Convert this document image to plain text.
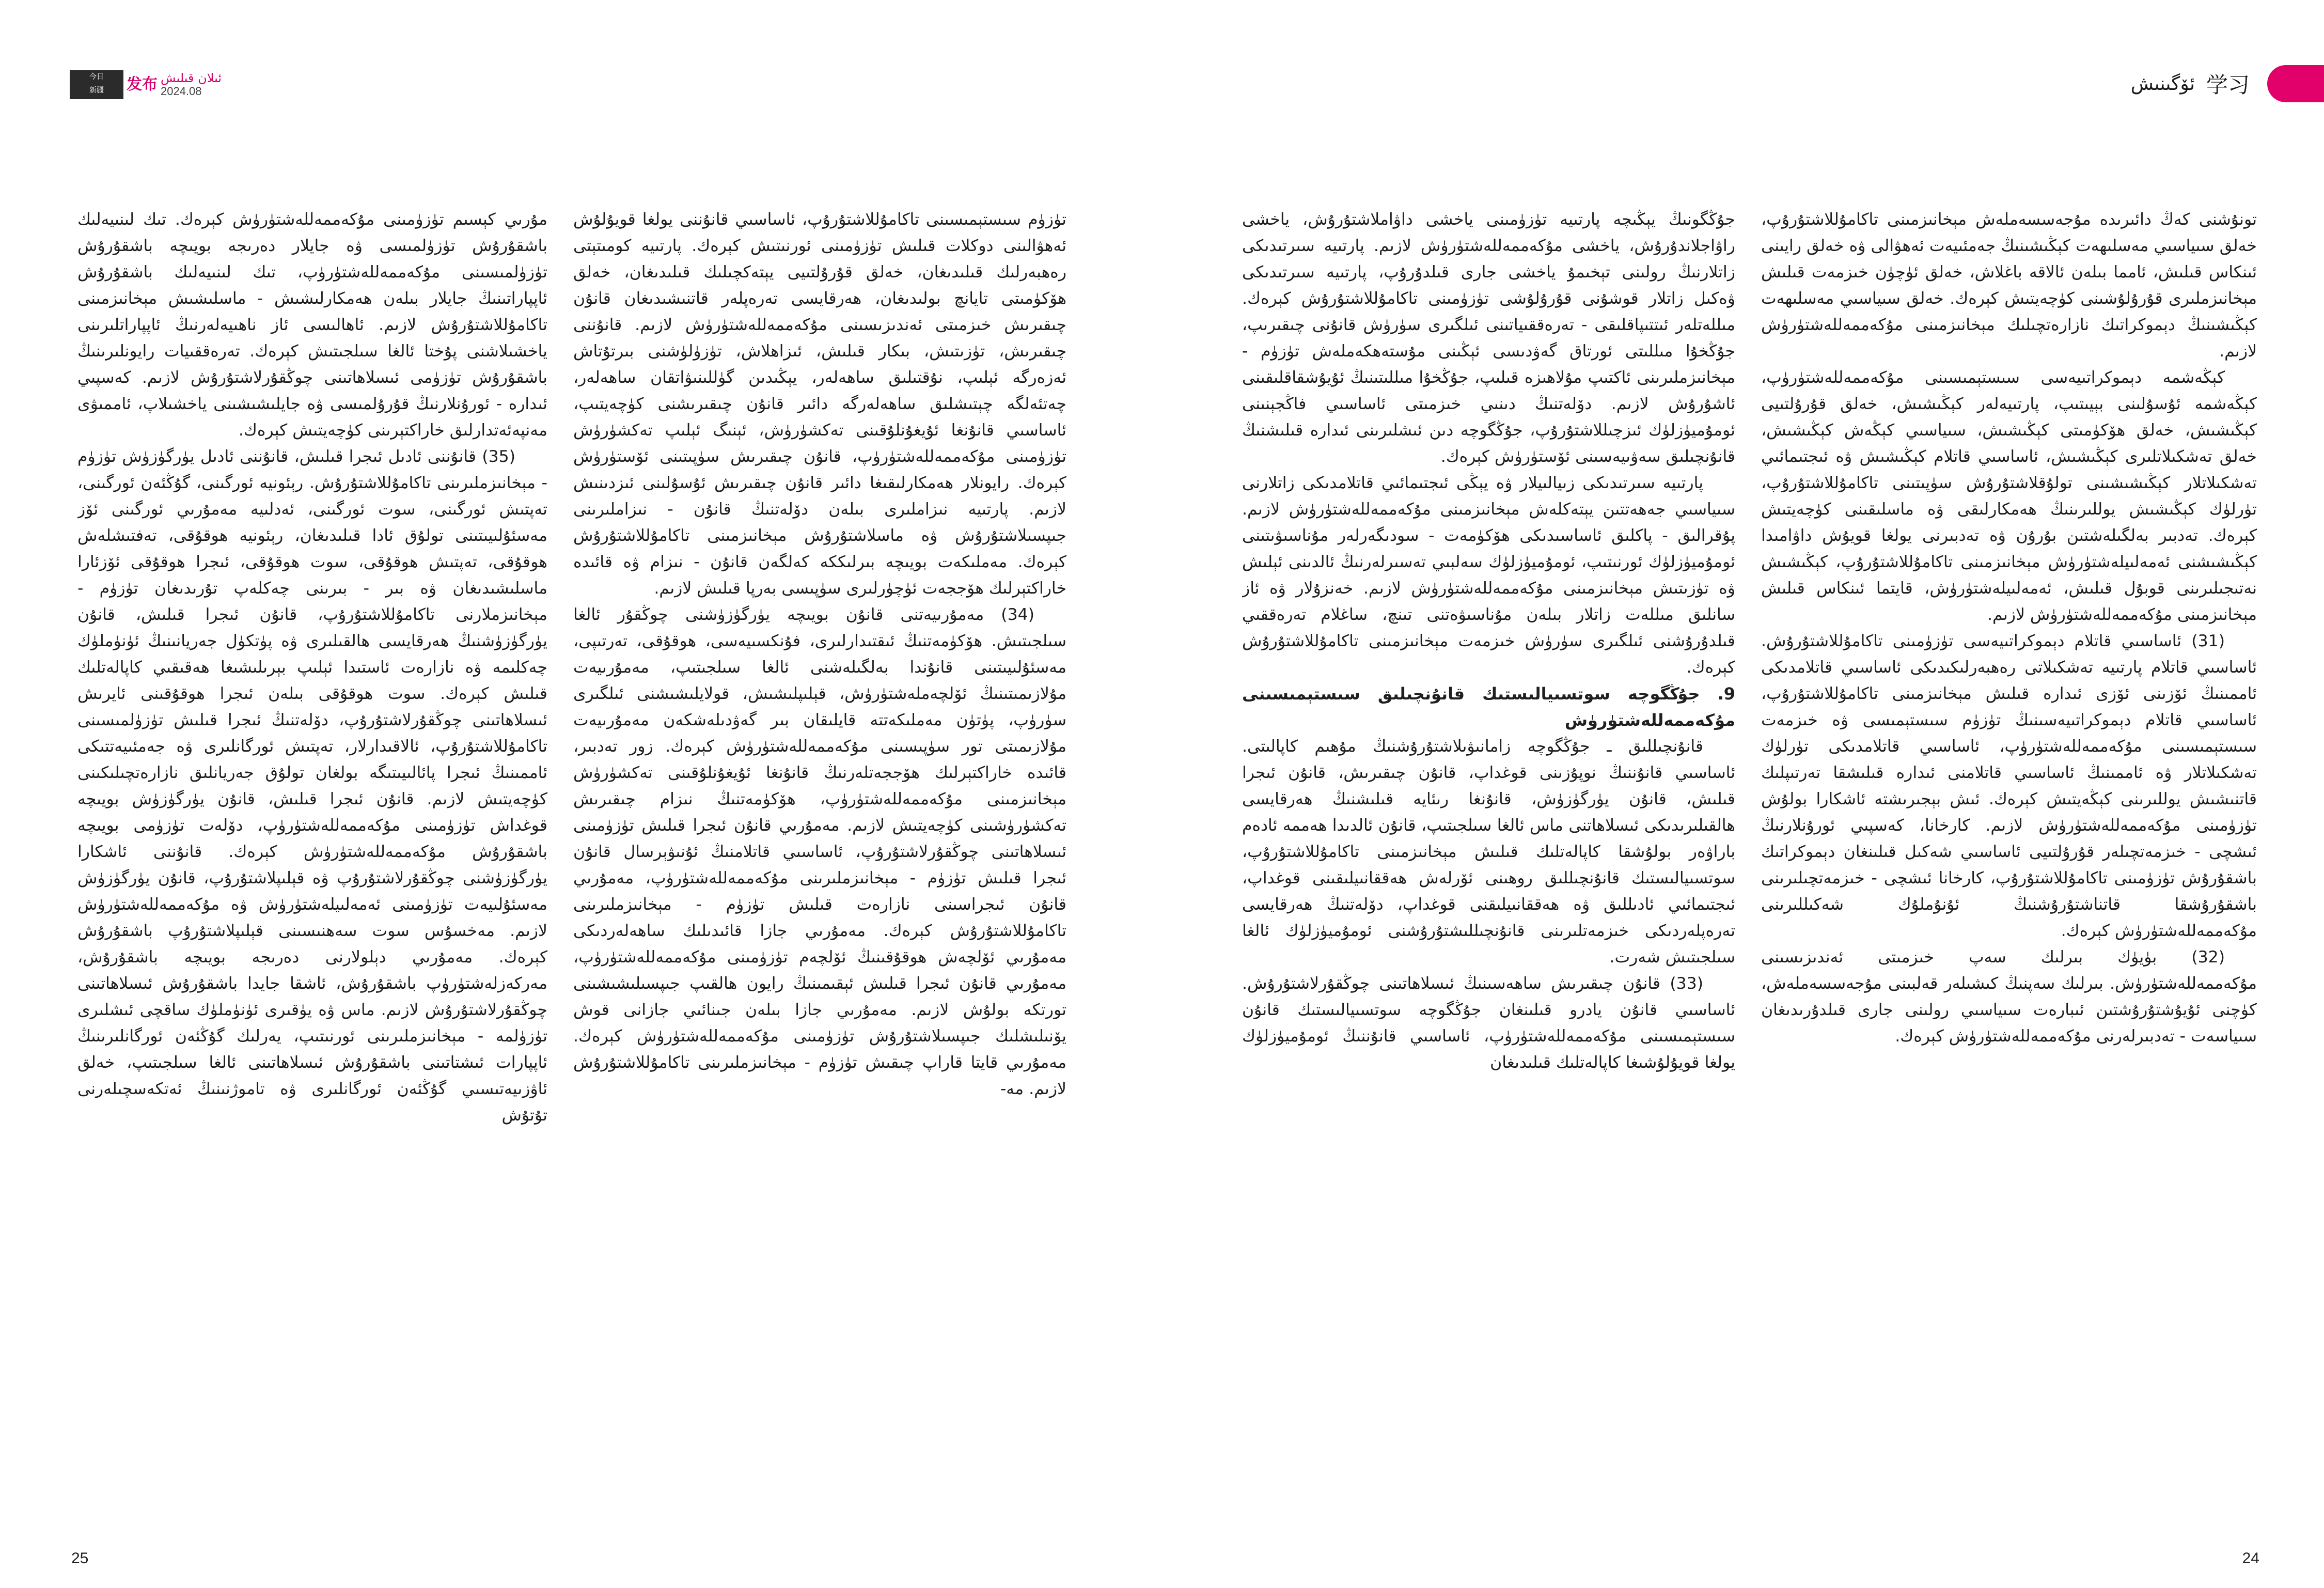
今日
新疆	发布 ئىلان قىلىش
2024.08	ئۆگىنىش 学习

تونۇشنى كەڭ دائىرىدە مۇجەسسەملەش مېخانىزمىنى تاكامۇللاشتۇرۇپ، خەلق سىياسىي مەسلىھەت كېڭىشىنىڭ جەمئىيەت ئەھۋالى ۋە خەلق رايىنى ئىنكاس قىلىش، ئامما بىلەن ئالاقە باغلاش، خەلق ئۈچۈن خىزمەت قىلىش مېخانىزملىرى قۇرۇلۇشىنى كۈچەيتىش كېرەك. خەلق سىياسىي مەسلىھەت كېڭىشىنىڭ دېموكراتىك نازارەتچىلىك مېخانىزمىنى مۇكەممەللەشتۈرۈش لازىم.

كېڭەشمە دېموكراتىيەسى سىستېمىسىنى مۇكەممەللەشتۈرۈپ، كېڭەشمە ئۇسۇلىنى بېيىتىپ، پارتىيەلەر كېڭىشىش، خەلق قۇرۇلتىيى كېڭىشىش، خەلق ھۆكۈمىتى كېڭىشىش، سىياسىي كېڭەش كېڭىشىش، خەلق تەشكىلاتلىرى كېڭىشىش، ئاساسىي قاتلام كېڭىشىش ۋە ئىجتىمائىي تەشكىلاتلار كېڭىشىشىنى تولۇقلاشتۇرۇش سۈپىتىنى تاكامۇللاشتۇرۇپ، تۈرلۈك كېڭىشىش يوللىرىنىڭ ھەمكارلىقى ۋە ماسلىقىنى كۈچەيتىش كېرەك. تەدبىر بەلگىلەشتىن بۇرۇن ۋە تەدبىرنى يولغا قويۇش داۋامىدا كېڭىشىشنى ئەمەلىيلەشتۈرۈش مېخانىزمىنى تاكامۇللاشتۇرۇپ، كېڭىشىش نەتىجىلىرىنى قوبۇل قىلىش، ئەمەلىيلەشتۈرۈش، قايتما ئىنكاس قىلىش مېخانىزمىنى مۇكەممەللەشتۈرۈش لازىم.

(31) ئاساسىي قاتلام دېموكراتىيەسى تۈزۈمىنى تاكامۇللاشتۇرۇش. ئاساسىي قاتلام پارتىيە تەشكىلاتى رەھبەرلىكىدىكى ئاساسىي قاتلامدىكى ئاممىنىڭ ئۆزىنى ئۆزى ئىدارە قىلىش مېخانىزمىنى تاكامۇللاشتۇرۇپ، ئاساسىي قاتلام دېموكراتىيەسىنىڭ تۈزۈم سىستېمىسى ۋە خىزمەت سىستېمىسىنى مۇكەممەللەشتۈرۈپ، ئاساسىي قاتلامدىكى تۈرلۈك تەشكىلاتلار ۋە ئاممىنىڭ ئاساسىي قاتلامنى ئىدارە قىلىشقا تەرتىپلىك قاتنىشىش يوللىرىنى كېڭەيتىش كېرەك. ئىش بېجىرىشتە ئاشكارا بولۇش تۈزۈمىنى مۇكەممەللەشتۈرۈش لازىم. كارخانا، كەسپىي ئورۇنلارنىڭ ئىشچى - خىزمەتچىلەر قۇرۇلتىيى ئاساسىي شەكىل قىلىنغان دېموكراتىك باشقۇرۇش تۈزۈمىنى تاكامۇللاشتۇرۇپ، كارخانا ئىشچى - خىزمەتچىلىرىنى باشقۇرۇشقا قاتناشتۇرۇشنىڭ ئۇنۇملۇك شەكىللىرىنى مۇكەممەللەشتۈرۈش كېرەك.

(32) بۈيۈك بىرلىك سەپ خىزمىتى ئەندىزىسىنى مۇكەممەللەشتۈرۈش. بىرلىك سەپنىڭ كىشىلەر قەلبىنى مۇجەسسەملەش، كۈچنى ئۇيۇشتۇرۇشتىن ئىبارەت سىياسىي رولىنى جارى قىلدۇرىدىغان سىياسەت - تەدبىرلەرنى مۇكەممەللەشتۈرۈش كېرەك.

جۇڭگونىڭ يېڭىچە پارتىيە تۈزۈمىنى ياخشى داۋاملاشتۇرۇش، ياخشى راۋاجلاندۇرۇش، ياخشى مۇكەممەللەشتۈرۈش لازىم. پارتىيە سىرتىدىكى زاتلارنىڭ رولىنى تېخىمۇ ياخشى جارى قىلدۇرۇپ، پارتىيە سىرتىدىكى ۋەكىل زاتلار قوشۇنى قۇرۇلۇشى تۈزۈمىنى تاكامۇللاشتۇرۇش كېرەك. مىللەتلەر ئىتتىپاقلىقى - تەرەققىياتىنى ئىلگىرى سۈرۈش قانۇنى چىقىرىپ، جۇڭخۇا مىللىتى ئورتاق گەۋدىسى ئېڭىنى مۇستەھكەملەش تۈزۈم - مېخانىزملىرىنى ئاكتىپ مۇلاھىزە قىلىپ، جۇڭخۇا مىللىتىنىڭ ئۇيۇشقاقلىقىنى ئاشۇرۇش لازىم. دۆلەتنىڭ دىنىي خىزمىتى ئاساسىي فاڭجېنىنى ئومۇميۈزلۈك ئىزچىللاشتۇرۇپ، جۇڭگوچە دىن ئىشلىرىنى ئىدارە قىلىشنىڭ قانۇنچىلىق سەۋىيەسىنى ئۆستۈرۈش كېرەك.

پارتىيە سىرتىدىكى زىيالىيلار ۋە يېڭى ئىجتىمائىي قاتلامدىكى زاتلارنى سىياسىي جەھەتتىن يېتەكلەش مېخانىزمىنى مۇكەممەللەشتۈرۈش لازىم. پۇقرالىق - پاكلىق ئاساسىدىكى ھۆكۈمەت - سودىگەرلەر مۇناسىۋىتىنى ئومۇميۈزلۈك ئورنىتىپ، ئومۇميۈزلۈك سەلبىي تەسىرلەرنىڭ ئالدىنى ئېلىش ۋە تۈزىتىش مېخانىزمىنى مۇكەممەللەشتۈرۈش لازىم. خەنزۇلار ۋە ئاز سانلىق مىللەت زاتلار بىلەن مۇناسىۋەتنى تىنچ، ساغلام تەرەققىي قىلدۇرۇشنى ئىلگىرى سۈرۈش خىزمەت مېخانىزمىنى تاكامۇللاشتۇرۇش كېرەك.

9. جۇڭگوچە سوتسىيالىستىك قانۇنچىلىق سىستېمىسىنى مۇكەممەللەشتۈرۈش

قانۇنچىللىق ـ جۇڭگوچە زامانىۋىلاشتۇرۇشنىڭ مۇھىم كاپالىتى. ئاساسىي قانۇننىڭ نوپۇزىنى قوغداپ، قانۇن چىقىرىش، قانۇن ئىجرا قىلىش، قانۇن يۈرگۈزۈش، قانۇنغا رىئايە قىلىشنىڭ ھەرقايسى ھالقىلىرىدىكى ئىسلاھاتنى ماس ئالغا سىلجىتىپ، قانۇن ئالدىدا ھەممە ئادەم باراۋەر بولۇشقا كاپالەتلىك قىلىش مېخانىزمىنى تاكامۇللاشتۇرۇپ، سوتسىيالىستىك قانۇنچىللىق روھىنى ئۆرلەش ھەققانىيلىقىنى قوغداپ، ئىجتىمائىي ئادىللىق ۋە ھەققانىيلىقنى قوغداپ، دۆلەتنىڭ ھەرقايسى تەرەپلەردىكى خىزمەتلىرىنى قانۇنچىللىشتۇرۇشنى ئومۇميۈزلۈك ئالغا سىلجىتىش شەرت.

(33) قانۇن چىقىرىش ساھەسىنىڭ ئىسلاھاتىنى چوڭقۇرلاشتۇرۇش. ئاساسىي قانۇن يادرو قىلىنغان جۇڭگوچە سوتسىيالىستىك قانۇن سىستېمىسىنى مۇكەممەللەشتۈرۈپ، ئاساسىي قانۇننىڭ ئومۇميۈزلۈك يولغا قويۇلۇشىغا كاپالەتلىك قىلىدىغان

تۈزۈم سىستېمىسىنى تاكامۇللاشتۇرۇپ، ئاساسىي قانۇننى يولغا قويۇلۇش ئەھۋالىنى دوكلات قىلىش تۈزۈمىنى ئورنىتىش كېرەك. پارتىيە كومىتېتى رەھبەرلىك قىلىدىغان، خەلق قۇرۇلتىيى يېتەكچىلىك قىلىدىغان، خەلق ھۆكۈمىتى تايانچ بولىدىغان، ھەرقايسى تەرەپلەر قاتنىشىدىغان قانۇن چىقىرىش خىزمىتى ئەندىزىسىنى مۇكەممەللەشتۈرۈش لازىم. قانۇننى چىقىرىش، تۈزىتىش، بىكار قىلىش، ئىزاھلاش، تۈزۈلۈشنى بىرتۇتاش ئەزەرگە ئېلىپ، نۇقتىلىق ساھەلەر، يېڭىدىن گۈللىنىۋاتقان ساھەلەر، چەتئەلگە چېتىشلىق ساھەلەرگە دائىر قانۇن چىقىرىشنى كۈچەيتىپ، ئاساسىي قانۇنغا ئۇيغۇنلۇقىنى تەكشۈرۈش، ئېنىگ ئېلىپ تەكشۈرۈش تۈزۈمىنى مۇكەممەللەشتۈرۈپ، قانۇن چىقىرىش سۈپىتىنى ئۆستۈرۈش كېرەك. رايونلار ھەمكارلىقىغا دائىر قانۇن چىقىرىش ئۇسۇلىنى ئىزدىنىش لازىم. پارتىيە نىزاملىرى بىلەن دۆلەتنىڭ قانۇن - نىزاملىرىنى جىپسىلاشتۇرۇش ۋە ماسلاشتۇرۇش مېخانىزمىنى تاكامۇللاشتۇرۇش كېرەك. مەملىكەت بويىچە بىرلىككە كەلگەن قانۇن - نىزام ۋە قائىدە خاراكتېرلىك ھۆججەت ئۈچۈرلىرى سۈپىسى بەرپا قىلىش لازىم.

(34) مەمۇرىيەتنى قانۇن بويىچە يۈرگۈزۈشنى چوڭقۇر ئالغا سىلجىتىش. ھۆكۈمەتنىڭ ئىقتىدارلىرى، فۇنكسىيەسى، ھوقۇقى، تەرتىپى، مەسئۇلىيىتىنى قانۇندا بەلگىلەشنى ئالغا سىلجىتىپ، مەمۇرىيەت مۇلازىمىتىنىڭ ئۆلچەملەشتۈرۈش، قېلىپلىشىش، قولايلىشىشنى ئىلگىرى سۈرۈپ، پۈتۈن مەملىكەتتە قايلىقان بىر گەۋدىلەشكەن مەمۇرىيەت مۇلازىمىتى تور سۈپىسىنى مۇكەممەللەشتۈرۈش كېرەك. زور تەدبىر، قائىدە خاراكتېرلىك ھۆججەتلەرنىڭ قانۇنغا ئۇيغۇنلۇقىنى تەكشۈرۈش مېخانىزمىنى مۇكەممەللەشتۈرۈپ، ھۆكۈمەتنىڭ نىزام چىقىرىش تەكشۈرۈشىنى كۈچەيتىش لازىم. مەمۇرىي قانۇن ئىجرا قىلىش تۈزۈمىنى ئىسلاھاتىنى چوڭقۇرلاشتۇرۇپ، ئاساسىي قاتلامنىڭ ئۇنىۋېرسال قانۇن ئىجرا قىلىش تۈزۈم - مېخانىزملىرىنى مۇكەممەللەشتۈرۈپ، مەمۇرىي قانۇن ئىجراسىنى نازارەت قىلىش تۈزۈم - مېخانىزملىرىنى تاكامۇللاشتۇرۇش كېرەك. مەمۇرىي جازا قائىدىلىك ساھەلەردىكى مەمۇرىي ئۆلچەش ھوقۇقىنىڭ ئۆلچەم تۈزۈمىنى مۇكەممەللەشتۈرۈپ، مەمۇرىي قانۇن ئىجرا قىلىش ئېقىمىنىڭ رايون ھالقىپ جىپسىلىشىشىنى تورتكە بولۇش لازىم. مەمۇرىي جازا بىلەن جىنائىي جازانى قوش يۆنىلىشلىك جىپسىلاشتۇرۇش تۈزۈمىنى مۇكەممەللەشتۈرۈش كېرەك. مەمۇرىي قايتا قاراپ چىقىش تۈزۈم - مېخانىزملىرىنى تاكامۇللاشتۇرۇش لازىم. مە-

مۇرىي كېسىم تۈزۈمىنى مۇكەممەللەشتۈرۈش كېرەك. تىك لىنىيەلىك باشقۇرۇش تۈزۈلمىسى ۋە جايلار دەرىجە بويىچە باشقۇرۇش تۈزۈلمىسىنى مۇكەممەللەشتۈرۈپ، تىك لىنىيەلىك باشقۇرۇش ئاپپاراتىنىڭ جايلار بىلەن ھەمكارلىشىش - ماسلىشىش مېخانىزمىنى تاكامۇللاشتۇرۇش لازىم. ئاھالىسى ئاز ناھىيەلەرنىڭ ئاپپاراتلىرىنى ياخشىلاشنى پۇختا ئالغا سىلجىتىش كېرەك. تەرەققىيات رايونلىرىنىڭ باشقۇرۇش تۈزۈمى ئىسلاھاتىنى چوڭقۇرلاشتۇرۇش لازىم. كەسپىي ئىدارە - ئورۇنلارنىڭ قۇرۇلمىسى ۋە جايلىشىشىنى ياخشىلاپ، ئاممىۋى مەنپەئەتدارلىق خاراكتېرىنى كۈچەيتىش كېرەك.

(35) قانۇننى ئادىل ئىجرا قىلىش، قانۇننى ئادىل يۈرگۈزۈش تۈزۈم - مېخانىزملىرىنى تاكامۇللاشتۇرۇش. رېئونيە ئورگىنى، گۇڭئەن ئورگىنى، تەپتىش ئورگىنى، سوت ئورگىنى، ئەدلىيە مەمۇرىي ئورگىنى ئۆز مەسئۇلىيىتىنى تولۇق ئادا قىلىدىغان، رېئونيە ھوقۇقى، تەفتىشلەش ھوقۇقى، تەپتىش ھوقۇقى، سوت ھوقۇقى، ئىجرا ھوقۇقى ئۆزئارا ماسلىشىدىغان ۋە بىر - بىرىنى چەكلەپ تۇرىدىغان تۈزۈم - مېخانىزملارنى تاكامۇللاشتۇرۇپ، قانۇن ئىجرا قىلىش، قانۇن يۈرگۈزۈشنىڭ ھەرقايسى ھالقىلىرى ۋە پۈتكۈل جەريانىنىڭ ئۈنۈملۈك چەكلىمە ۋە نازارەت ئاستىدا ئېلىپ بېرىلىشىغا ھەقىقىي كاپالەتلىك قىلىش كېرەك. سوت ھوقۇقى بىلەن ئىجرا ھوقۇقىنى ئايرىش ئىسلاھاتىنى چوڭقۇرلاشتۇرۇپ، دۆلەتنىڭ ئىجرا قىلىش تۈزۈلمىسىنى تاكامۇللاشتۇرۇپ، ئالاقىدارلار، تەپتىش ئورگانلىرى ۋە جەمئىيەتتىكى ئاممىنىڭ ئىجرا پائالىيىتىگە بولغان تولۇق جەريانلىق نازارەتچىلىكىنى كۈچەيتىش لازىم. قانۇن ئىجرا قىلىش، قانۇن يۈرگۈزۈش بويىچە قوغداش تۈزۈمىنى مۇكەممەللەشتۈرۈپ، دۆلەت تۈزۈمى بويىچە باشقۇرۇش مۇكەممەللەشتۈرۈش كېرەك. قانۇننى ئاشكارا يۈرگۈزۈشنى چوڭقۇرلاشتۇرۇپ ۋە قېلىپلاشتۇرۇپ، قانۇن يۈرگۈزۈش مەسئۇلىيەت تۈزۈمىنى ئەمەلىيلەشتۈرۈش ۋە مۇكەممەللەشتۈرۈش لازىم. مەخسۇس سوت سەھنىسىنى قېلىپلاشتۇرۇپ باشقۇرۇش كېرەك. مەمۇرىي دېلولارنى دەرىجە بويىچە باشقۇرۇش، مەركەزلەشتۈرۈپ باشقۇرۇش، ئاشقا جايدا باشقۇرۇش ئىسلاھاتىنى چوڭقۇرلاشتۇرۇش لازىم. ماس ۋە يۈقىرى ئۈنۈملۈك ساقچى ئىشلىرى تۈزۈلمە - مېخانىزملىرىنى ئورنىتىپ، يەرلىك گۇڭئەن ئورگانلىرىنىڭ ئاپپارات ئىشتاتىنى باشقۇرۇش ئىسلاھاتىنى ئالغا سىلجىتىپ، خەلق ئاۋزىيەتىسىي گۇڭئەن ئورگانلىرى ۋە تاموژنىنىڭ ئەتكەسچىلەرنى تۇتۇش

25	24
